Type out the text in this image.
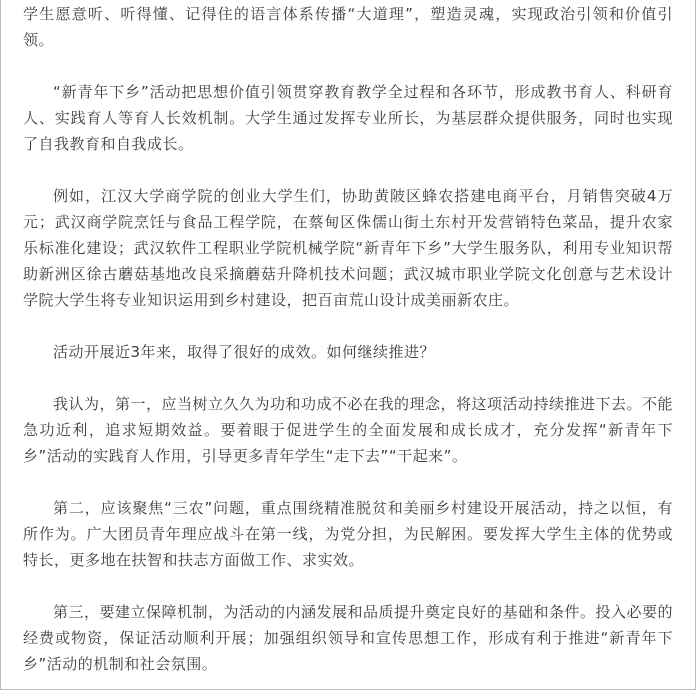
学生愿意听、听得懂、记得住的语言体系传播“大道理”，塑造灵魂，实现政治引领和价值引领。

“新青年下乡”活动把思想价值引领贯穿教育教学全过程和各环节，形成教书育人、科研育人、实践育人等育人长效机制。大学生通过发挥专业所长，为基层群众提供服务，同时也实现了自我教育和自我成长。

例如，江汉大学商学院的创业大学生们，协助黄陂区蜂农搭建电商平台，月销售突破4万元；武汉商学院烹饪与食品工程学院，在蔡甸区侏儒山街土东村开发营销特色菜品，提升农家乐标准化建设；武汉软件工程职业学院机械学院“新青年下乡”大学生服务队，利用专业知识帮助新洲区徐古蘑菇基地改良采摘蘑菇升降机技术问题；武汉城市职业学院文化创意与艺术设计学院大学生将专业知识运用到乡村建设，把百亩荒山设计成美丽新农庄。

活动开展近3年来，取得了很好的成效。如何继续推进？

我认为，第一，应当树立久久为功和功成不必在我的理念，将这项活动持续推进下去。不能急功近利，追求短期效益。要着眼于促进学生的全面发展和成长成才，充分发挥“新青年下乡”活动的实践育人作用，引导更多青年学生“走下去”“干起来”。

第二，应该聚焦“三农”问题，重点围绕精准脱贫和美丽乡村建设开展活动，持之以恒，有所作为。广大团员青年理应战斗在第一线，为党分担，为民解困。要发挥大学生主体的优势或特长，更多地在扶智和扶志方面做工作、求实效。

第三，要建立保障机制，为活动的内涵发展和品质提升奠定良好的基础和条件。投入必要的经费或物资，保证活动顺利开展；加强组织领导和宣传思想工作，形成有利于推进“新青年下乡”活动的机制和社会氛围。
